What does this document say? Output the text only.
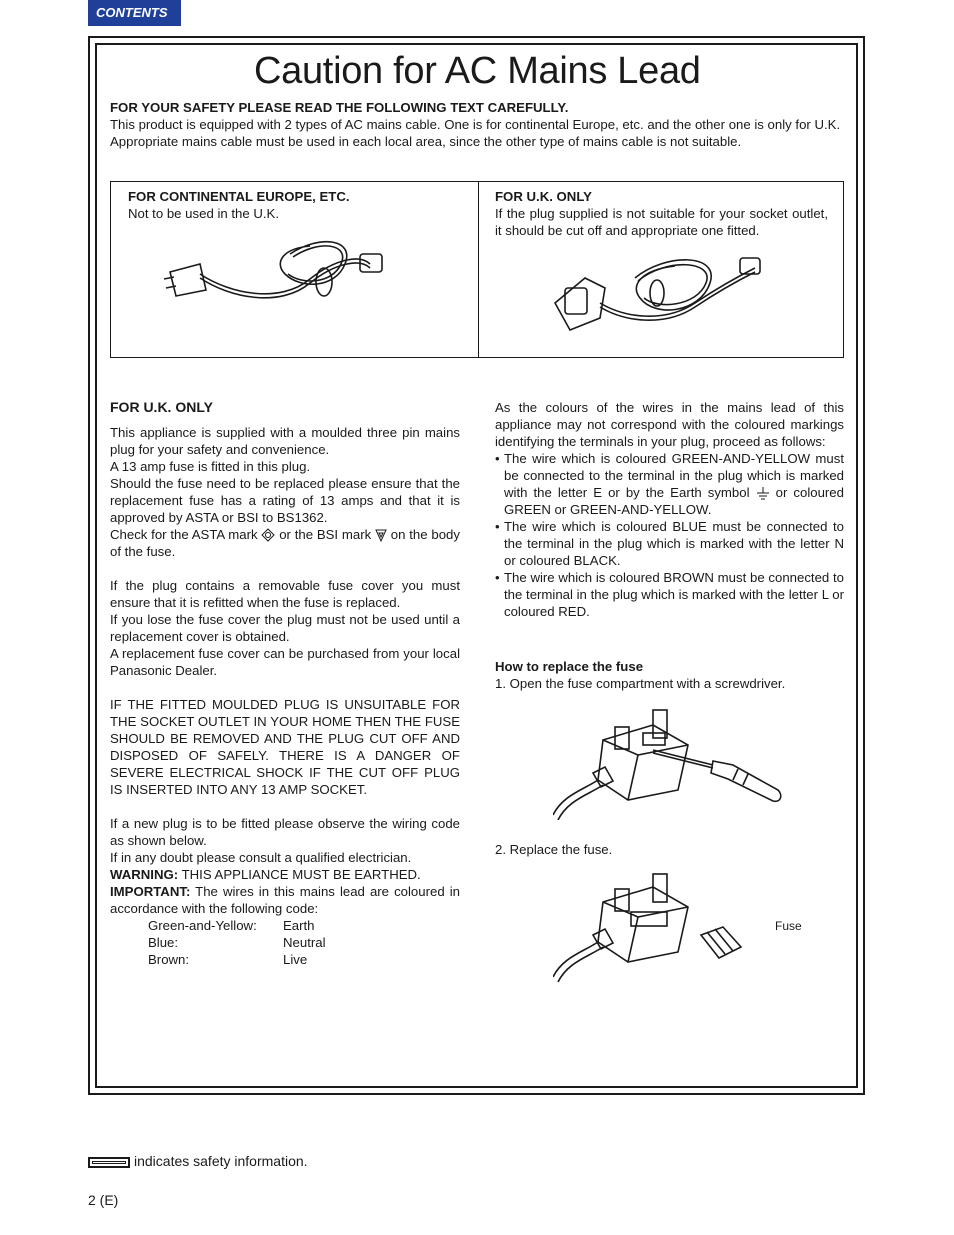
CONTENTS
Caution for AC Mains Lead

FOR YOUR SAFETY PLEASE READ THE FOLLOWING TEXT CAREFULLY.

This product is equipped with 2 types of AC mains cable. One is for continental Europe, etc. and the other one is only for U.K.

Appropriate mains cable must be used in each local area, since the other type of mains cable is not suitable.

FOR CONTINENTAL EUROPE, ETC.

Not to be used in the U.K.

FOR U.K. ONLY

If the plug supplied is not suitable for your socket outlet, it should be cut off and appropriate one fitted.

FOR U.K. ONLY

This appliance is supplied with a moulded three pin mains plug for your safety and convenience.

A 13 amp fuse is fitted in this plug.

Should the fuse need to be replaced please ensure that the replacement fuse has a rating of 13 amps and that it is approved by ASTA or BSI to BS1362.

Check for the ASTA mark or the BSI mark on the body of the fuse.

If the plug contains a removable fuse cover you must ensure that it is refitted when the fuse is replaced.

If you lose the fuse cover the plug must not be used until a replacement cover is obtained.

A replacement fuse cover can be purchased from your local Panasonic Dealer.

IF THE FITTED MOULDED PLUG IS UNSUITABLE FOR THE SOCKET OUTLET IN YOUR HOME THEN THE FUSE SHOULD BE REMOVED AND THE PLUG CUT OFF AND DISPOSED OF SAFELY. THERE IS A DANGER OF SEVERE ELECTRICAL SHOCK IF THE CUT OFF PLUG IS INSERTED INTO ANY 13 AMP SOCKET.

If a new plug is to be fitted please observe the wiring code as shown below.

If in any doubt please consult a qualified electrician.

WARNING: THIS APPLIANCE MUST BE EARTHED.

IMPORTANT: The wires in this mains lead are coloured in accordance with the following code:

Green-and-Yellow:	Earth
Blue:	Neutral
Brown:	Live

As the colours of the wires in the mains lead of this appliance may not correspond with the coloured markings identifying the terminals in your plug, proceed as follows:

• The wire which is coloured GREEN-AND-YELLOW must be connected to the terminal in the plug which is marked with the letter E or by the Earth symbol or coloured GREEN or GREEN-AND-YELLOW.
• The wire which is coloured BLUE must be connected to the terminal in the plug which is marked with the letter N or coloured BLACK.
• The wire which is coloured BROWN must be connected to the terminal in the plug which is marked with the letter L or coloured RED.
How to replace the fuse
1. Open the fuse compartment with a screwdriver.
2. Replace the fuse.
Fuse
indicates safety information.
2 (E)
